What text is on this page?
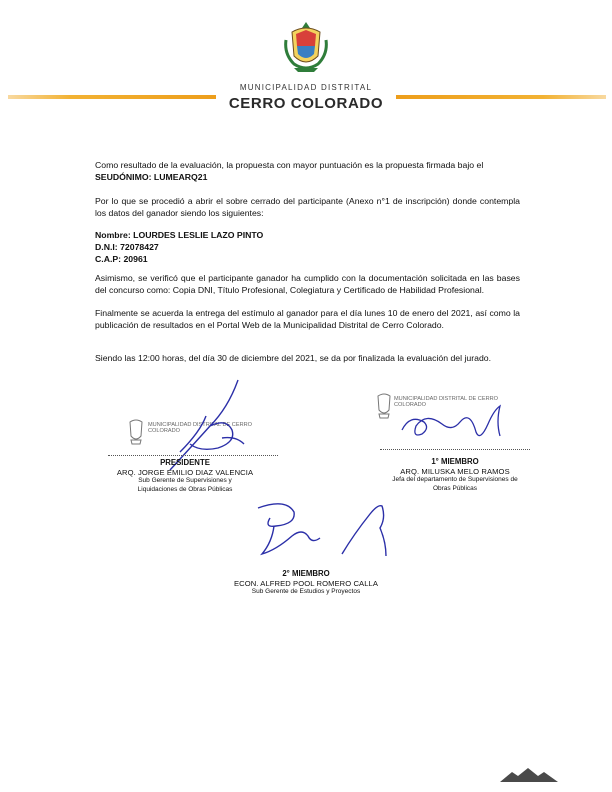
MUNICIPALIDAD DISTRITAL
CERRO COLORADO
Como resultado de la evaluación, la propuesta con mayor puntuación es la propuesta firmada bajo el
SEUDÓNIMO: LUMEARQ21
Por lo que se procedió a abrir el sobre cerrado del participante (Anexo n°1 de inscripción) donde contempla los datos del ganador siendo los siguientes:
Nombre: LOURDES LESLIE LAZO PINTO
D.N.I: 72078427
C.A.P: 20961
Asimismo, se verificó que el participante ganador ha cumplido con la documentación solicitada en las bases del concurso como: Copia DNI, Título Profesional, Colegiatura y Certificado de Habilidad Profesional.
Finalmente se acuerda la entrega del estímulo al ganador para el día lunes 10 de enero del 2021, así como la publicación de resultados en el Portal Web de la Municipalidad Distrital de Cerro Colorado.
Siendo las 12:00 horas, del día 30 de diciembre del 2021, se da por finalizada la evaluación del jurado.
MUNICIPALIDAD DISTRITAL DE CERRO COLORADO
PRESIDENTE
ARQ. JORGE EMILIO DIAZ VALENCIA
Sub Gerente de Supervisiones y
Liquidaciones de Obras Públicas
MUNICIPALIDAD DISTRITAL DE CERRO COLORADO
1° MIEMBRO
ARQ. MILUSKA MELO RAMOS
Jefa del departamento de Supervisiones de
Obras Públicas
2° MIEMBRO
ECON. ALFRED POOL ROMERO CALLA
Sub Gerente de Estudios y Proyectos
